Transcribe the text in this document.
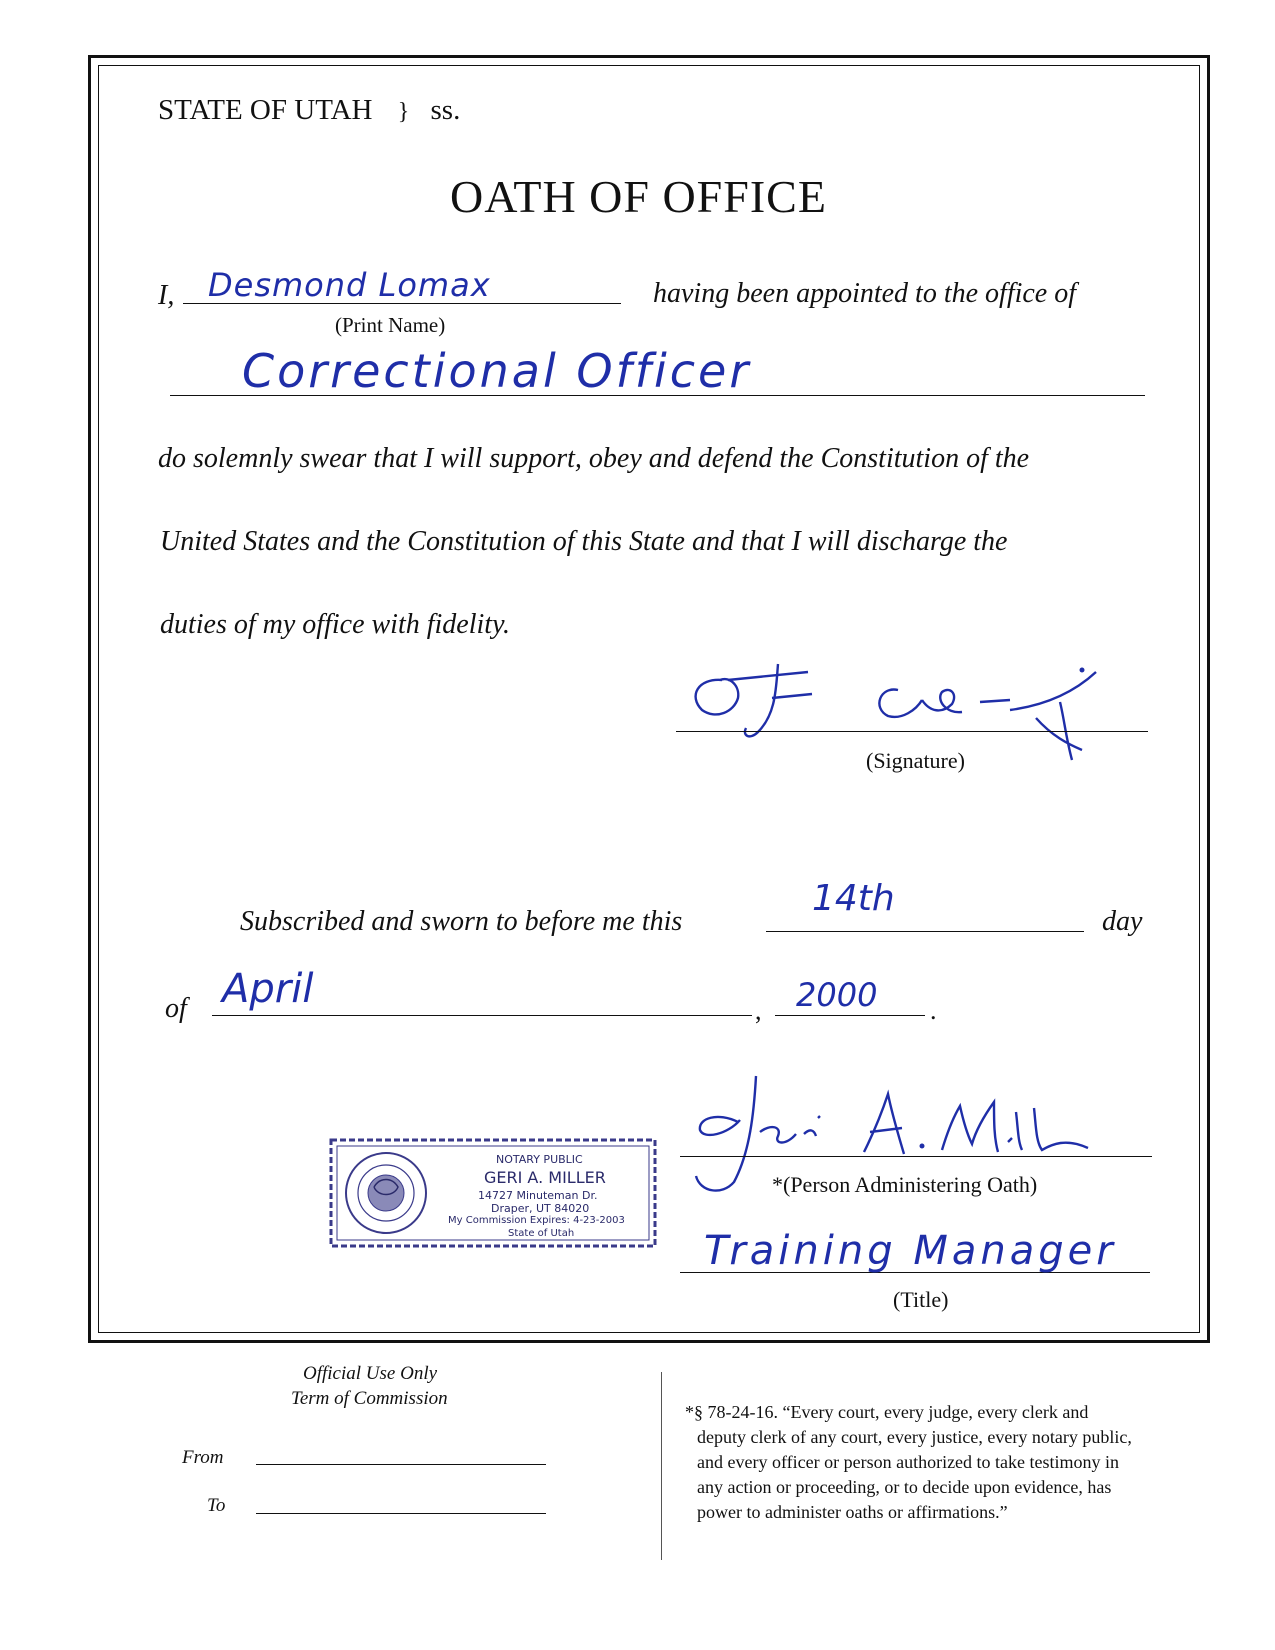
STATE OF UTAH } ss.
OATH OF OFFICE
I, Desmond Lomax
(Print Name)
having been appointed to the office of
Correctional Officer
do solemnly swear that I will support, obey and defend the Constitution of the
United States and the Constitution of this State and that I will discharge the
duties of my office with fidelity.
(Signature)
Subscribed and sworn to before me this
14th
day
of April	, 2000 .
NOTARY PUBLIC
GERI A. MILLER
14727 Minuteman Dr.
Draper, UT 84020
My Commission Expires: 4-23-2003
State of Utah
*(Person Administering Oath)
Training Manager
(Title)
Official Use Only
Term of Commission
From
To
*§ 78-24-16. “Every court, every judge, every clerk and
deputy clerk of any court, every justice, every notary public,
and every officer or person authorized to take testimony in
any action or proceeding, or to decide upon evidence, has
power to administer oaths or affirmations.”
